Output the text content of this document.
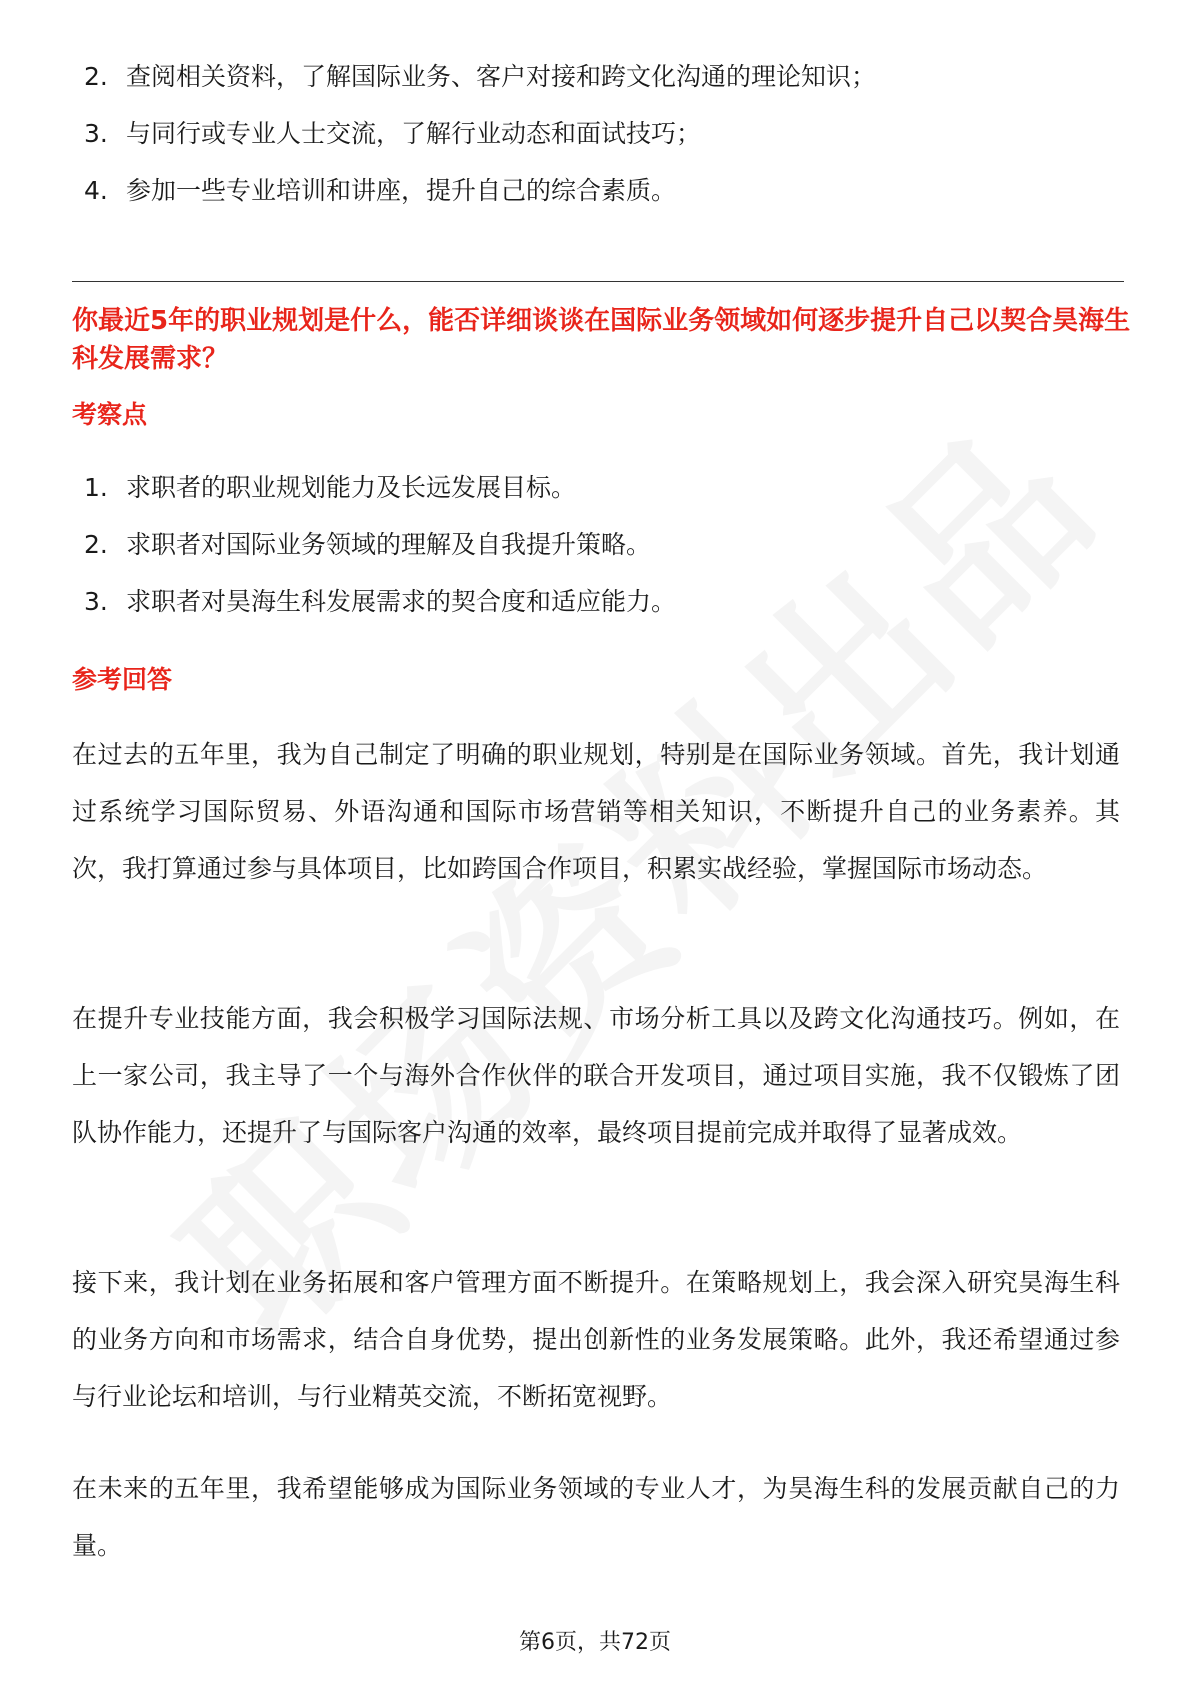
2. 查阅相关资料，了解国际业务、客户对接和跨文化沟通的理论知识；
3. 与同行或专业人士交流，了解行业动态和面试技巧；
4. 参加一些专业培训和讲座，提升自己的综合素质。
你最近5年的职业规划是什么，能否详细谈谈在国际业务领域如何逐步提升自己以契合昊海生科发展需求？
考察点
1. 求职者的职业规划能力及长远发展目标。
2. 求职者对国际业务领域的理解及自我提升策略。
3. 求职者对昊海生科发展需求的契合度和适应能力。
参考回答

在过去的五年里，我为自己制定了明确的职业规划，特别是在国际业务领域。首先，我计划通过系统学习国际贸易、外语沟通和国际市场营销等相关知识，不断提升自己的业务素养。其次，我打算通过参与具体项目，比如跨国合作项目，积累实战经验，掌握国际市场动态。

在提升专业技能方面，我会积极学习国际法规、市场分析工具以及跨文化沟通技巧。例如，在上一家公司，我主导了一个与海外合作伙伴的联合开发项目，通过项目实施，我不仅锻炼了团队协作能力，还提升了与国际客户沟通的效率，最终项目提前完成并取得了显著成效。

接下来，我计划在业务拓展和客户管理方面不断提升。在策略规划上，我会深入研究昊海生科的业务方向和市场需求，结合自身优势，提出创新性的业务发展策略。此外，我还希望通过参与行业论坛和培训，与行业精英交流，不断拓宽视野。

在未来的五年里，我希望能够成为国际业务领域的专业人才，为昊海生科的发展贡献自己的力量。

第6页，共72页
